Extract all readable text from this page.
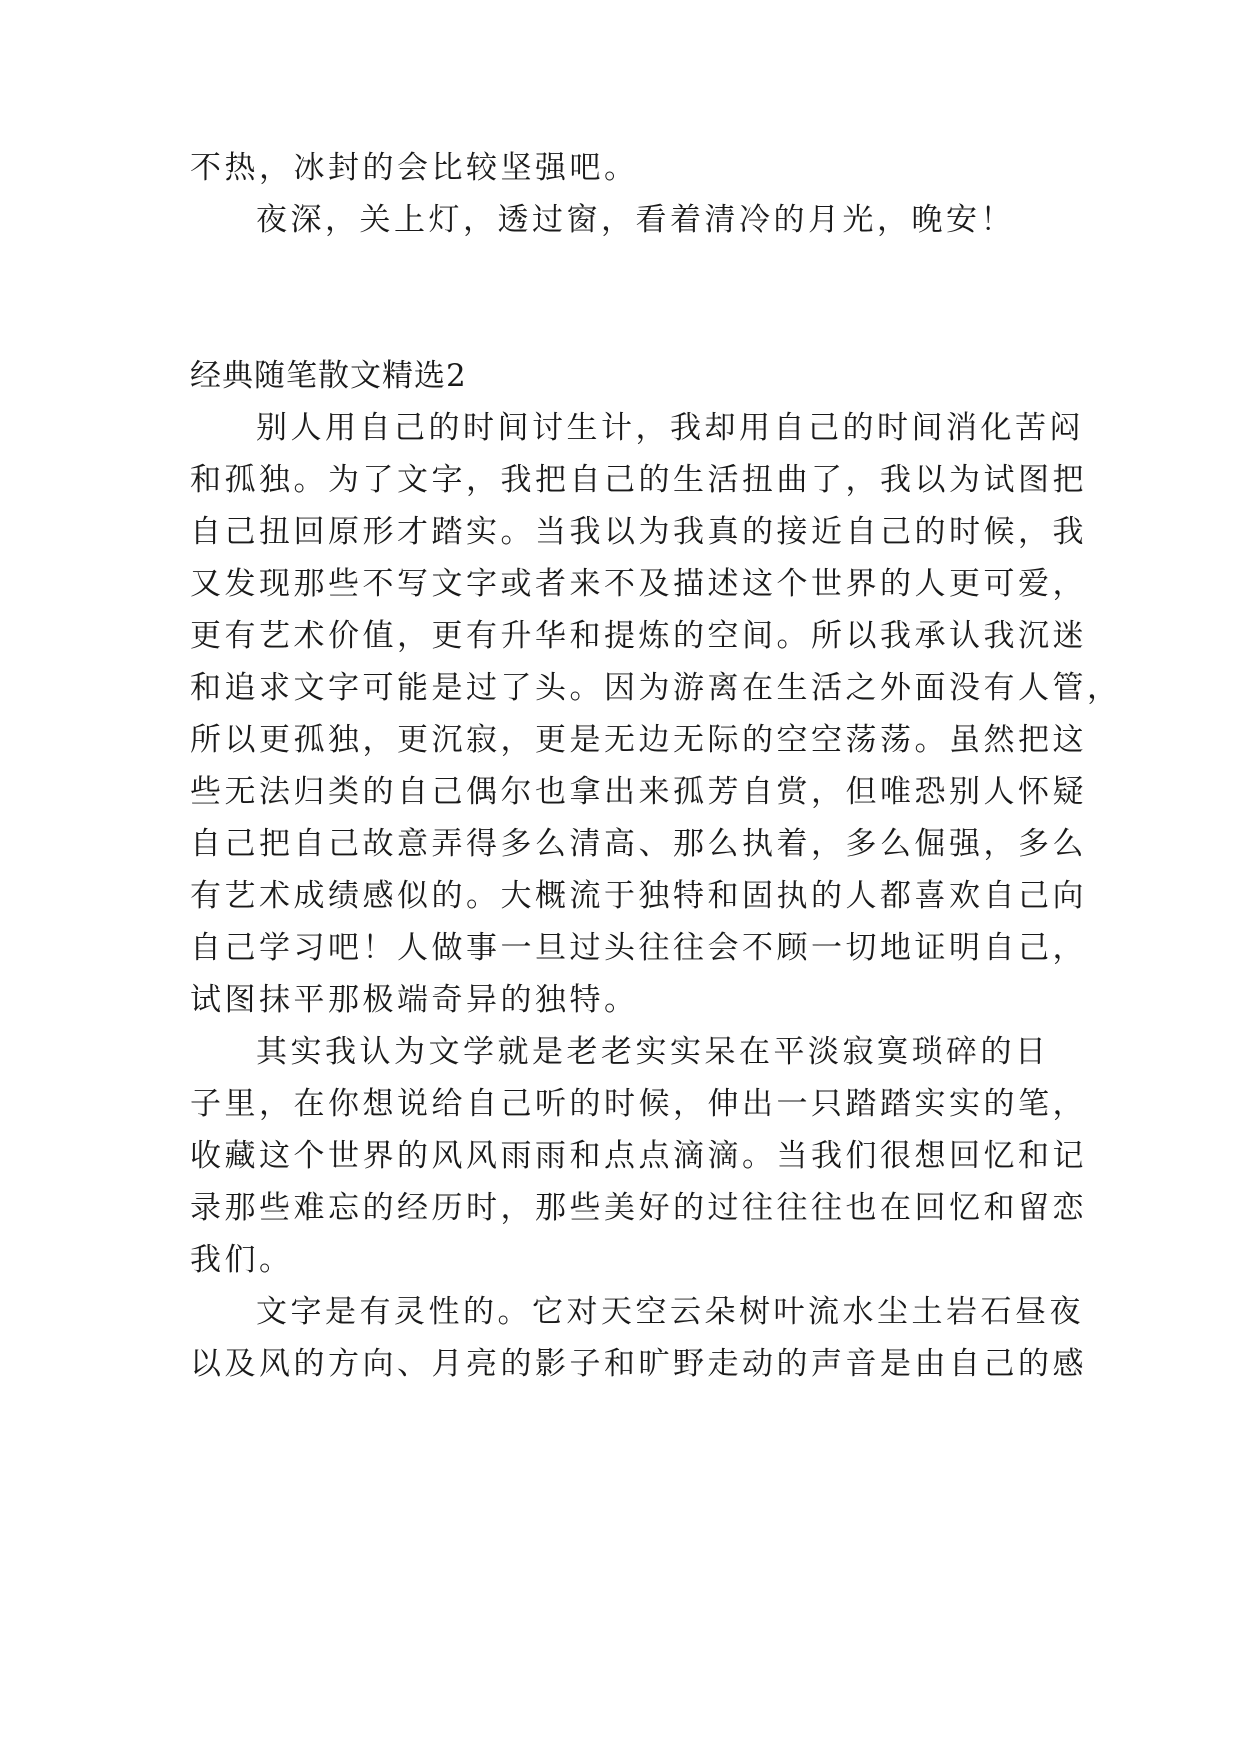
不热，冰封的会比较坚强吧。
夜深，关上灯，透过窗，看着清冷的月光，晚安！
经典随笔散文精选2
别人用自己的时间讨生计，我却用自己的时间消化苦闷
和孤独。为了文字，我把自己的生活扭曲了，我以为试图把
自己扭回原形才踏实。当我以为我真的接近自己的时候，我
又发现那些不写文字或者来不及描述这个世界的人更可爱，
更有艺术价值，更有升华和提炼的空间。所以我承认我沉迷
和追求文字可能是过了头。因为游离在生活之外面没有人管，
所以更孤独，更沉寂，更是无边无际的空空荡荡。虽然把这
些无法归类的自己偶尔也拿出来孤芳自赏，但唯恐别人怀疑
自己把自己故意弄得多么清高、那么执着，多么倔强，多么
有艺术成绩感似的。大概流于独特和固执的人都喜欢自己向
自己学习吧！人做事一旦过头往往会不顾一切地证明自己，
试图抹平那极端奇异的独特。
其实我认为文学就是老老实实呆在平淡寂寞琐碎的日
子里，在你想说给自己听的时候，伸出一只踏踏实实的笔，
收藏这个世界的风风雨雨和点点滴滴。当我们很想回忆和记
录那些难忘的经历时，那些美好的过往往往也在回忆和留恋
我们。
文字是有灵性的。它对天空云朵树叶流水尘土岩石昼夜
以及风的方向、月亮的影子和旷野走动的声音是由自己的感
